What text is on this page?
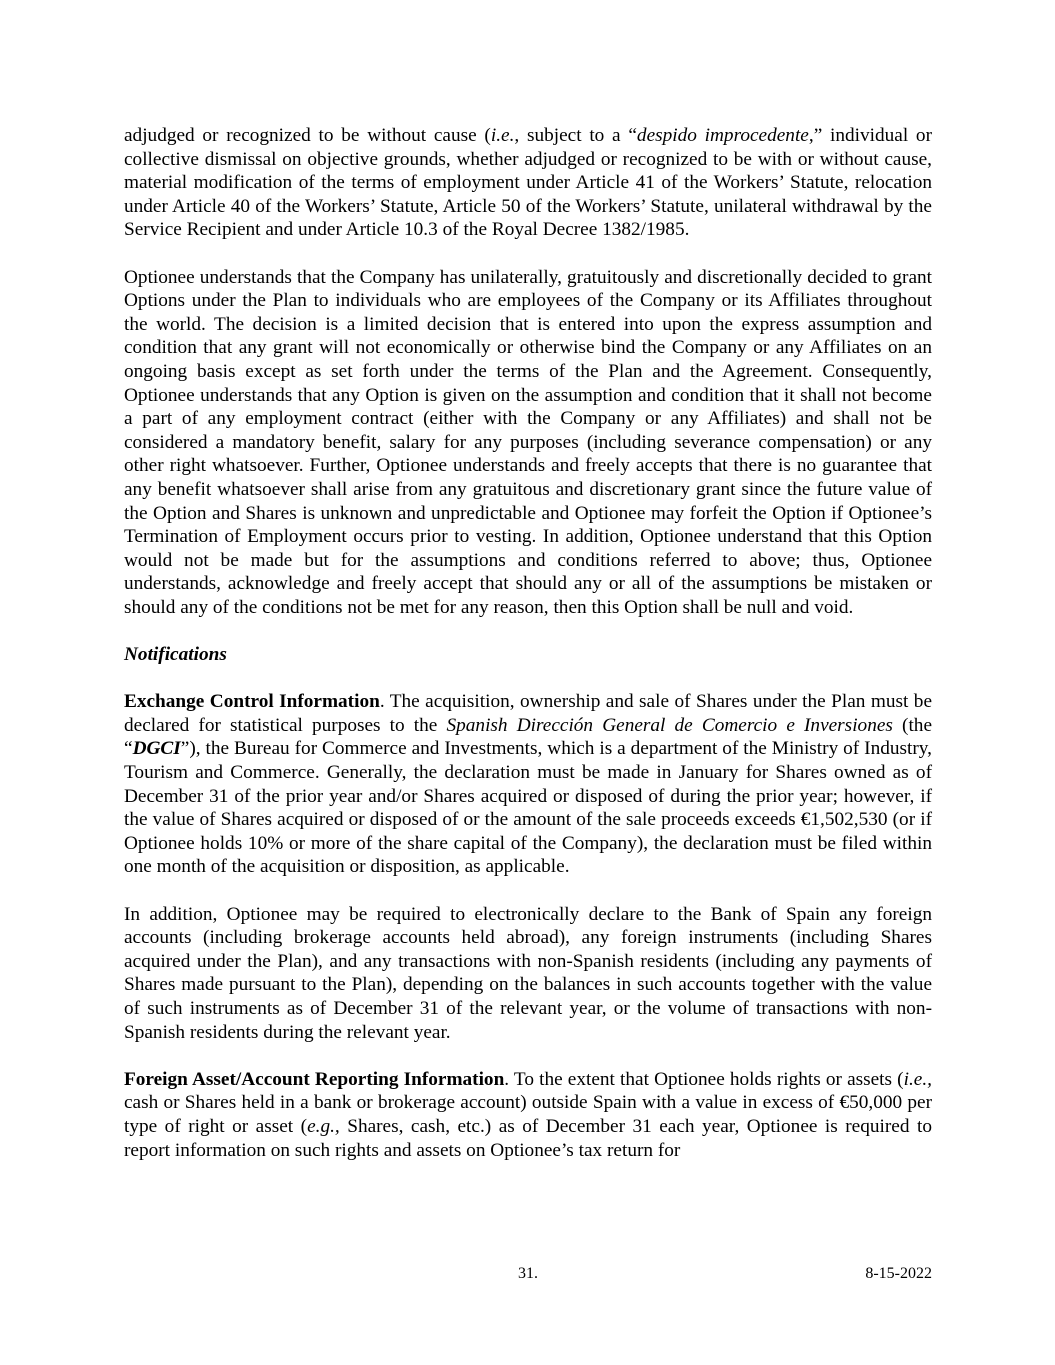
adjudged or recognized to be without cause (i.e., subject to a “despido improcedente,” individual or collective dismissal on objective grounds, whether adjudged or recognized to be with or without cause, material modification of the terms of employment under Article 41 of the Workers’ Statute, relocation under Article 40 of the Workers’ Statute, Article 50 of the Workers’ Statute, unilateral withdrawal by the Service Recipient and under Article 10.3 of the Royal Decree 1382/1985.

Optionee understands that the Company has unilaterally, gratuitously and discretionally decided to grant Options under the Plan to individuals who are employees of the Company or its Affiliates throughout the world. The decision is a limited decision that is entered into upon the express assumption and condition that any grant will not economically or otherwise bind the Company or any Affiliates on an ongoing basis except as set forth under the terms of the Plan and the Agreement. Consequently, Optionee understands that any Option is given on the assumption and condition that it shall not become a part of any employment contract (either with the Company or any Affiliates) and shall not be considered a mandatory benefit, salary for any purposes (including severance compensation) or any other right whatsoever. Further, Optionee understands and freely accepts that there is no guarantee that any benefit whatsoever shall arise from any gratuitous and discretionary grant since the future value of the Option and Shares is unknown and unpredictable and Optionee may forfeit the Option if Optionee’s Termination of Employment occurs prior to vesting. In addition, Optionee understand that this Option would not be made but for the assumptions and conditions referred to above; thus, Optionee understands, acknowledge and freely accept that should any or all of the assumptions be mistaken or should any of the conditions not be met for any reason, then this Option shall be null and void.

Notifications

Exchange Control Information. The acquisition, ownership and sale of Shares under the Plan must be declared for statistical purposes to the Spanish Dirección General de Comercio e Inversiones (the “DGCI”), the Bureau for Commerce and Investments, which is a department of the Ministry of Industry, Tourism and Commerce. Generally, the declaration must be made in January for Shares owned as of December 31 of the prior year and/or Shares acquired or disposed of during the prior year; however, if the value of Shares acquired or disposed of or the amount of the sale proceeds exceeds €1,502,530 (or if Optionee holds 10% or more of the share capital of the Company), the declaration must be filed within one month of the acquisition or disposition, as applicable.

In addition, Optionee may be required to electronically declare to the Bank of Spain any foreign accounts (including brokerage accounts held abroad), any foreign instruments (including Shares acquired under the Plan), and any transactions with non-Spanish residents (including any payments of Shares made pursuant to the Plan), depending on the balances in such accounts together with the value of such instruments as of December 31 of the relevant year, or the volume of transactions with non-Spanish residents during the relevant year.

Foreign Asset/Account Reporting Information. To the extent that Optionee holds rights or assets (i.e., cash or Shares held in a bank or brokerage account) outside Spain with a value in excess of €50,000 per type of right or asset (e.g., Shares, cash, etc.) as of December 31 each year, Optionee is required to report information on such rights and assets on Optionee’s tax return for

31.	8-15-2022
